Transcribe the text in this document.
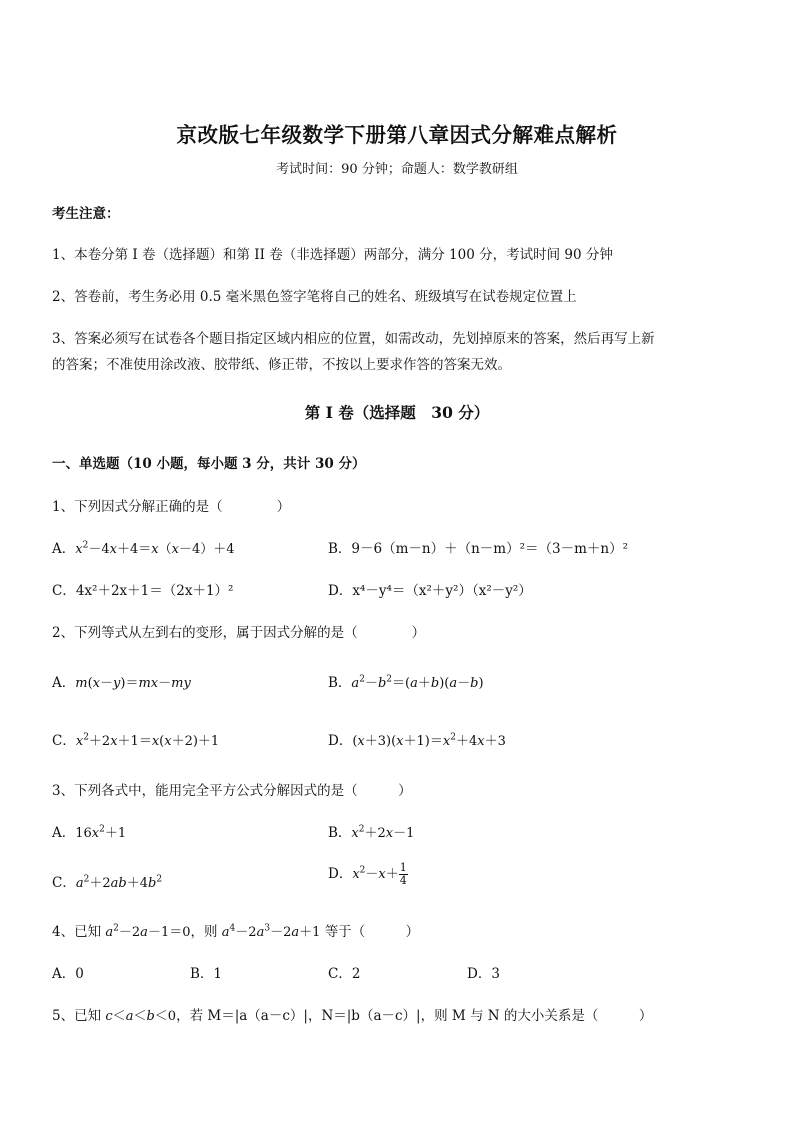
京改版七年级数学下册第八章因式分解难点解析
考试时间：90 分钟；命题人：数学教研组
考生注意：
1、本卷分第 I 卷（选择题）和第 II 卷（非选择题）两部分，满分 100 分，考试时间 90 分钟
2、答卷前，考生务必用 0.5 毫米黑色签字笔将自己的姓名、班级填写在试卷规定位置上
3、答案必须写在试卷各个题目指定区域内相应的位置，如需改动，先划掉原来的答案，然后再写上新
的答案；不准使用涂改液、胶带纸、修正带，不按以上要求作答的答案无效。
第 I 卷（选择题　30 分）
一、单选题（10 小题，每小题 3 分，共计 30 分）
1、下列因式分解正确的是（　　　　）
A．$x^2-4x+4=x(x-4)+4$	B．9－6（m－n）＋（n－m）²＝（3－m＋n）²
C．4x²＋2x＋1＝（2x＋1）²	D．x⁴－y⁴＝（x²＋y²）（x²－y²）
2、下列等式从左到右的变形，属于因式分解的是（　　　　）
A．m(x－y)＝mx－my	B．$a^2-b^2=(a+b)(a-b)$
C．$x^2+2x+1=x(x+2)+1$	D．$(x+3)(x+1)=x^2+4x+3$
3、下列各式中，能用完全平方公式分解因式的是（　　　）
A．$16x^2+1$	B．$x^2+2x-1$
C．$a^2+2ab+4b^2$	D．$x^2-x+ \frac{1}{4}$
4、已知 $a^2-2a-1=0$，则 $a^4-2a^3-2a+1$ 等于（　　　）
A．0	B．1	C．2	D．3
5、已知 c＜a＜b＜0，若 M＝|a（a－c）|，N＝|b（a－c）|，则 M 与 N 的大小关系是（　　　）
